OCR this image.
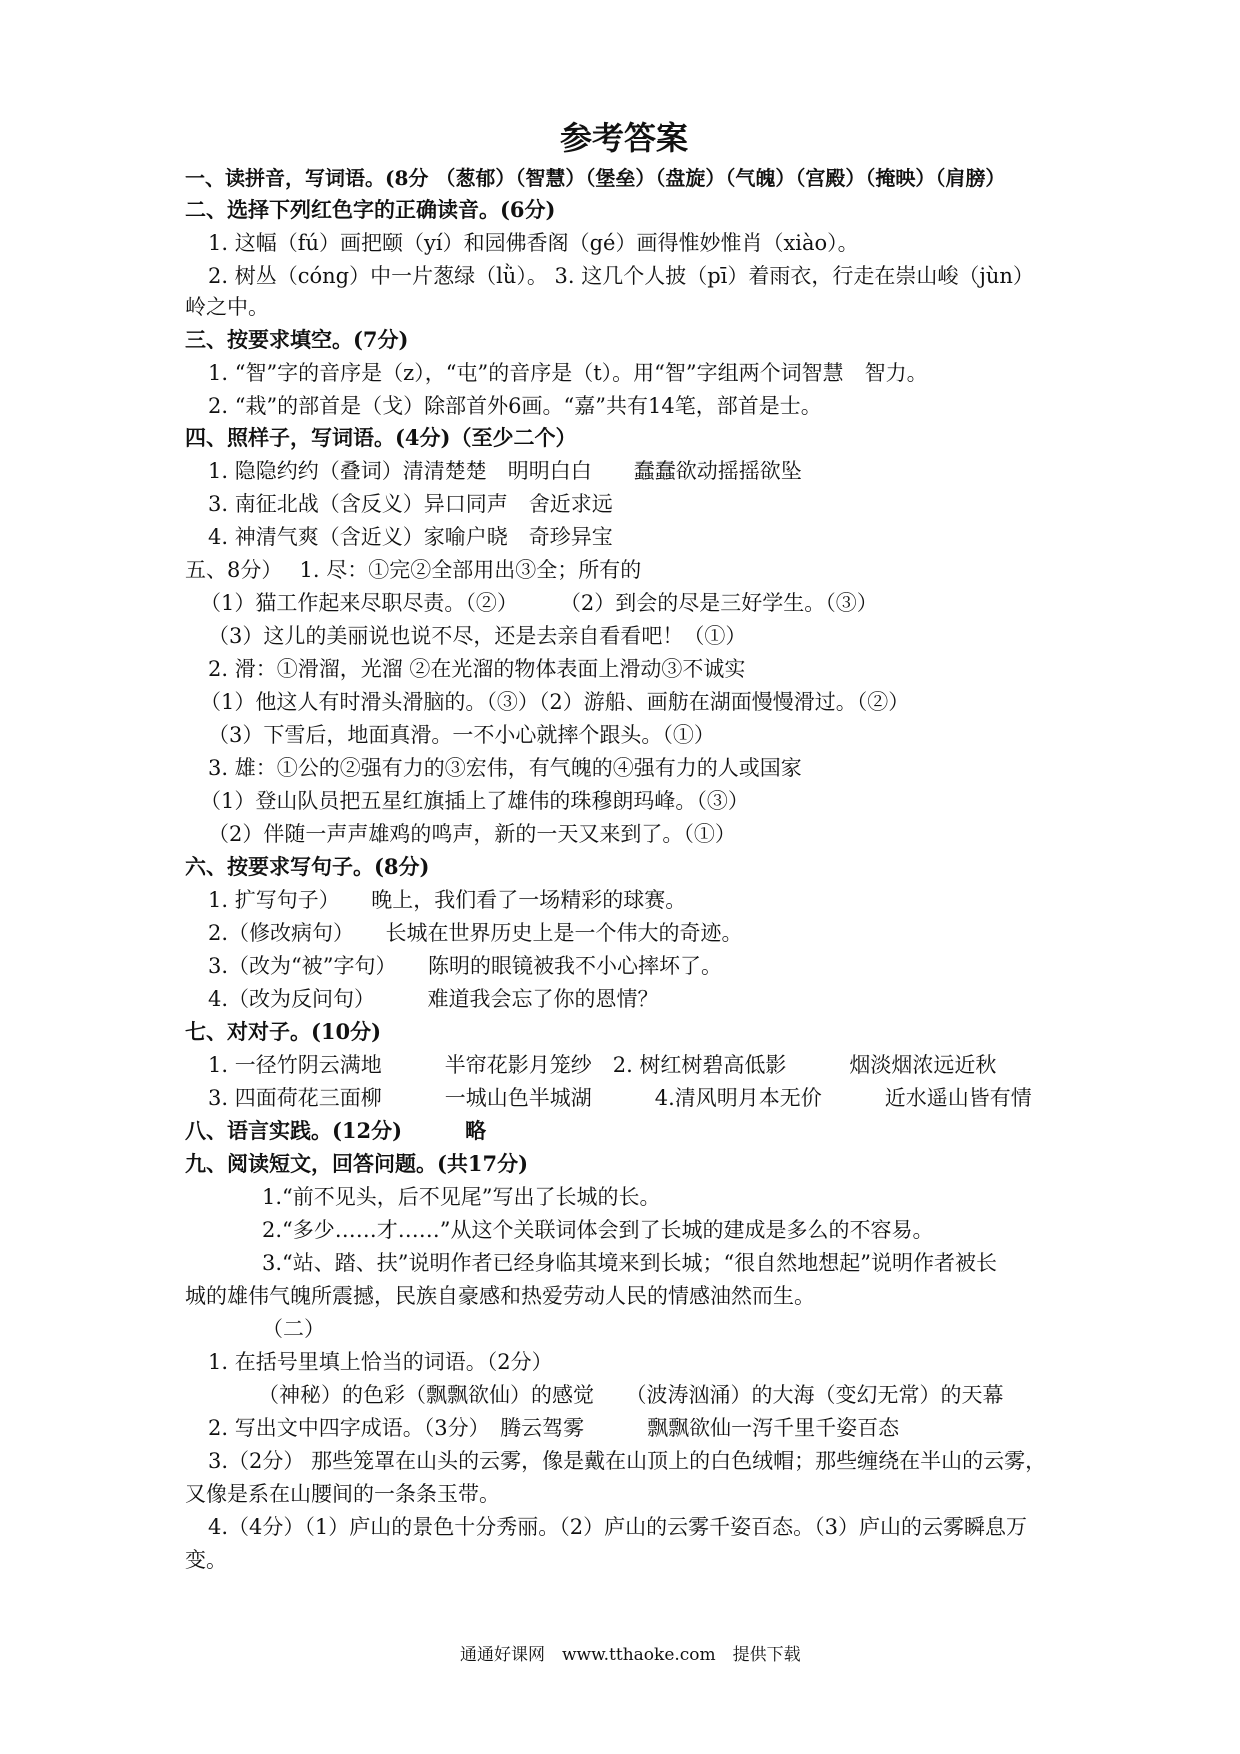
参考答案
一、读拼音，写词语。(8分 （葱郁）（智慧）（堡垒）（盘旋）（气魄）（宫殿）（掩映）（肩膀）
二、选择下列红色字的正确读音。(6分)
1. 这幅（fú）画把颐（yí）和园佛香阁（gé）画得惟妙惟肖（xiào）。
2. 树丛（cóng）中一片葱绿（lǜ）。 3. 这几个人披（pī）着雨衣，行走在崇山峻（jùn）
岭之中。
三、按要求填空。(7分)
1. “智”字的音序是（z），“屯”的音序是（t）。用“智”字组两个词智慧　智力。
2. “栽”的部首是（戈）除部首外6画。“嘉”共有14笔，部首是士。
四、照样子，写词语。(4分)（至少二个）
1. 隐隐约约（叠词）清清楚楚　明明白白　　蠢蠢欲动摇摇欲坠
3. 南征北战（含反义）异口同声　舍近求远
4. 神清气爽（含近义）家喻户晓　奇珍异宝
五、8分）　 1. 尽：①完②全部用出③全；所有的
（1）猫工作起来尽职尽责。（②）　　　（2）到会的尽是三好学生。（③）
（3）这儿的美丽说也说不尽，还是去亲自看看吧！（①）
2. 滑：①滑溜，光溜 ②在光溜的物体表面上滑动③不诚实
（1）他这人有时滑头滑脑的。（③）（2）游船、画舫在湖面慢慢滑过。（②）
（3）下雪后，地面真滑。一不小心就摔个跟头。（①）
3. 雄：①公的②强有力的③宏伟，有气魄的④强有力的人或国家
（1）登山队员把五星红旗插上了雄伟的珠穆朗玛峰。（③）
（2）伴随一声声雄鸡的鸣声，新的一天又来到了。（①）
六、按要求写句子。(8分)
1. 扩写句子）　　晚上，我们看了一场精彩的球赛。
2.（修改病句）　　长城在世界历史上是一个伟大的奇迹。
3.（改为“被”字句）　　陈明的眼镜被我不小心摔坏了。
4.（改为反问句）　　　难道我会忘了你的恩情？
七、对对子。(10分)
1. 一径竹阴云满地　　　半帘花影月笼纱　2. 树红树碧高低影　　　烟淡烟浓远近秋
3. 四面荷花三面柳　　　一城山色半城湖　　　4.清风明月本无价　　　近水遥山皆有情
八、语言实践。(12分)　　　略
九、阅读短文，回答问题。(共17分)
1.“前不见头，后不见尾”写出了长城的长。
2.“多少……才……”从这个关联词体会到了长城的建成是多么的不容易。
3.“站、踏、扶”说明作者已经身临其境来到长城；“很自然地想起”说明作者被长
城的雄伟气魄所震撼，民族自豪感和热爱劳动人民的情感油然而生。
（二）
1. 在括号里填上恰当的词语。（2分）
（神秘）的色彩（飘飘欲仙）的感觉　　（波涛汹涌）的大海（变幻无常）的天幕
2. 写出文中四字成语。（3分）　腾云驾雾　　　飘飘欲仙一泻千里千姿百态
3.（2分） 那些笼罩在山头的云雾，像是戴在山顶上的白色绒帽；那些缠绕在半山的云雾，
又像是系在山腰间的一条条玉带。
4.（4分）（1）庐山的景色十分秀丽。（2）庐山的云雾千姿百态。（3）庐山的云雾瞬息万
变。
通通好课网　www.tthaoke.com　提供下载
